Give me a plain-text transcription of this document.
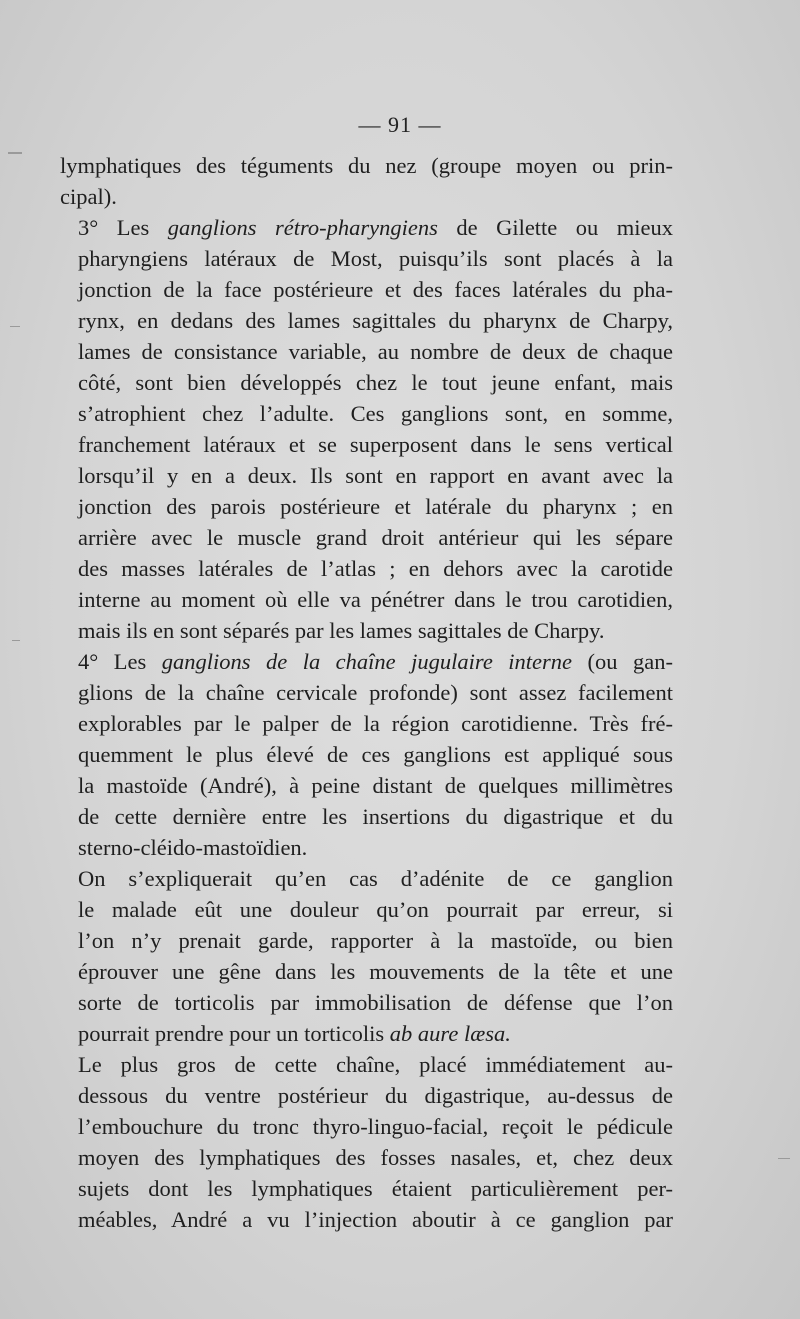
— 91 —

lymphatiques des téguments du nez (groupe moyen ou prin-
cipal).

3° Les ganglions rétro-pharyngiens de Gilette ou mieux
pharyngiens latéraux de Most, puisqu’ils sont placés à la
jonction de la face postérieure et des faces latérales du pha-
rynx, en dedans des lames sagittales du pharynx de Charpy,
lames de consistance variable, au nombre de deux de chaque
côté, sont bien développés chez le tout jeune enfant, mais
s’atrophient chez l’adulte. Ces ganglions sont, en somme,
franchement latéraux et se superposent dans le sens vertical
lorsqu’il y en a deux. Ils sont en rapport en avant avec la
jonction des parois postérieure et latérale du pharynx ; en
arrière avec le muscle grand droit antérieur qui les sépare
des masses latérales de l’atlas ; en dehors avec la carotide
interne au moment où elle va pénétrer dans le trou carotidien,
mais ils en sont séparés par les lames sagittales de Charpy.

4° Les ganglions de la chaîne jugulaire interne (ou gan-
glions de la chaîne cervicale profonde) sont assez facilement
explorables par le palper de la région carotidienne. Très fré-
quemment le plus élevé de ces ganglions est appliqué sous
la mastoïde (André), à peine distant de quelques millimètres
de cette dernière entre les insertions du digastrique et du
sterno-cléido-mastoïdien.

On s’expliquerait qu’en cas d’adénite de ce ganglion
le malade eût une douleur qu’on pourrait par erreur, si
l’on n’y prenait garde, rapporter à la mastoïde, ou bien
éprouver une gêne dans les mouvements de la tête et une
sorte de torticolis par immobilisation de défense que l’on
pourrait prendre pour un torticolis ab aure læsa.

Le plus gros de cette chaîne, placé immédiatement au-
dessous du ventre postérieur du digastrique, au-dessus de
l’embouchure du tronc thyro-linguo-facial, reçoit le pédicule
moyen des lymphatiques des fosses nasales, et, chez deux
sujets dont les lymphatiques étaient particulièrement per-
méables, André a vu l’injection aboutir à ce ganglion par
